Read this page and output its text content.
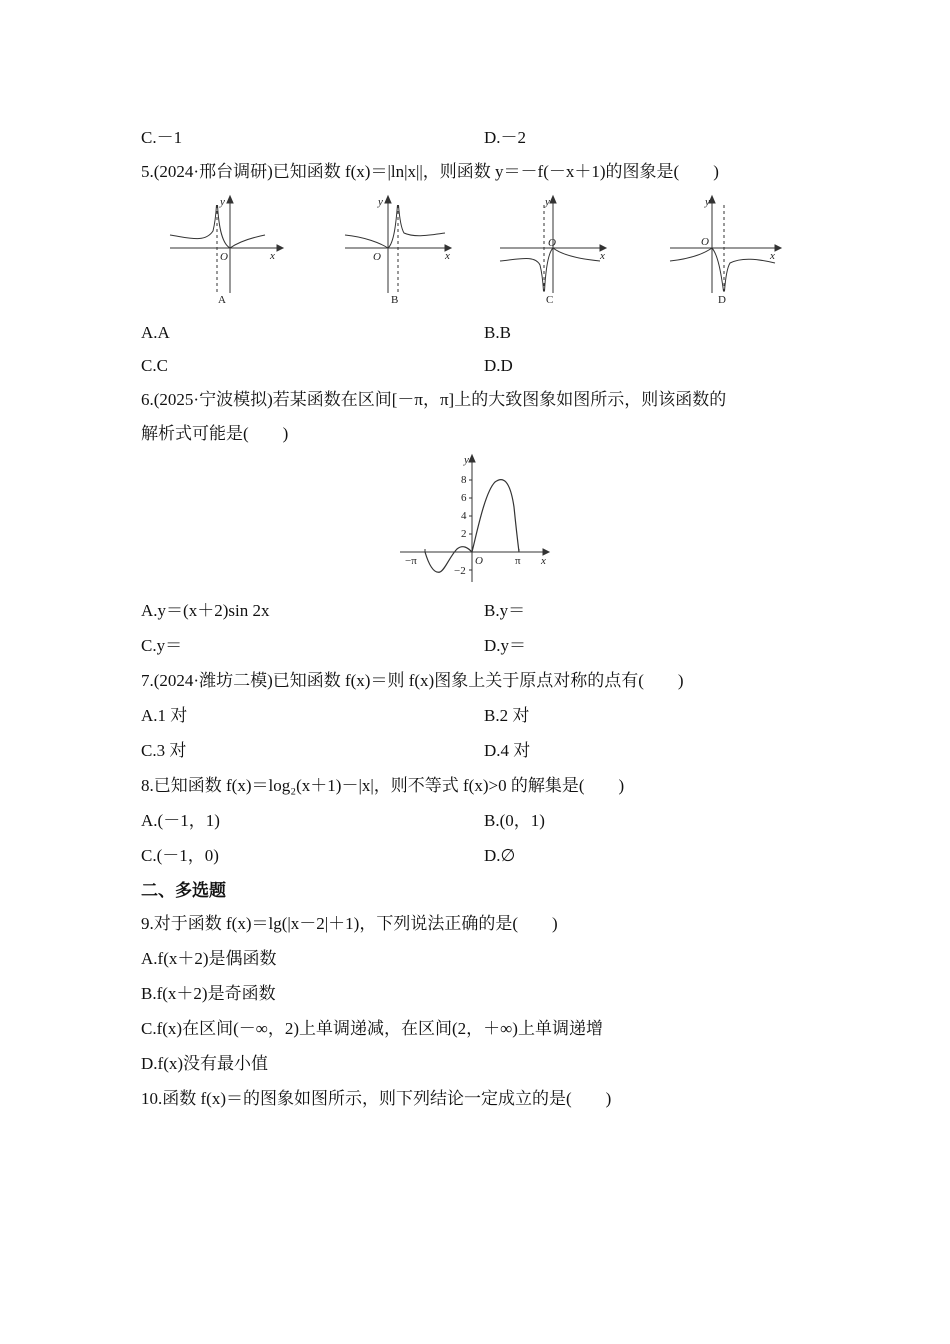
C.－1	D.－2
5.(2024·邢台调研)已知函数 f(x)＝|ln|x||，则函数 y＝－f(－x＋1)的图象是(　　)
y
x
O
y
x
O
y
x
O
y
x
O
A	B	C	D
A.A	B.B
C.C	D.D
6.(2025·宁波模拟)若某函数在区间[－π，π]上的大致图象如图所示，则该函数的
解析式可能是(　　)
8
6
4
2
−2
−π	O	π
y
x
A.y＝(x＋2)sin 2x	B.y＝
C.y＝	D.y＝
7.(2024·潍坊二模)已知函数 f(x)＝则 f(x)图象上关于原点对称的点有(　　)
A.1 对	B.2 对
C.3 对	D.4 对
8.已知函数 f(x)＝log₂(x＋1)－|x|，则不等式 f(x)>0 的解集是(　　)
A.(－1，1)	B.(0，1)
C.(－1，0)	D.∅
二、多选题
9.对于函数 f(x)＝lg(|x－2|＋1)，下列说法正确的是(　　)
A.f(x＋2)是偶函数
B.f(x＋2)是奇函数
C.f(x)在区间(－∞，2)上单调递减，在区间(2，＋∞)上单调递增
D.f(x)没有最小值
10.函数 f(x)＝的图象如图所示，则下列结论一定成立的是(　　)
